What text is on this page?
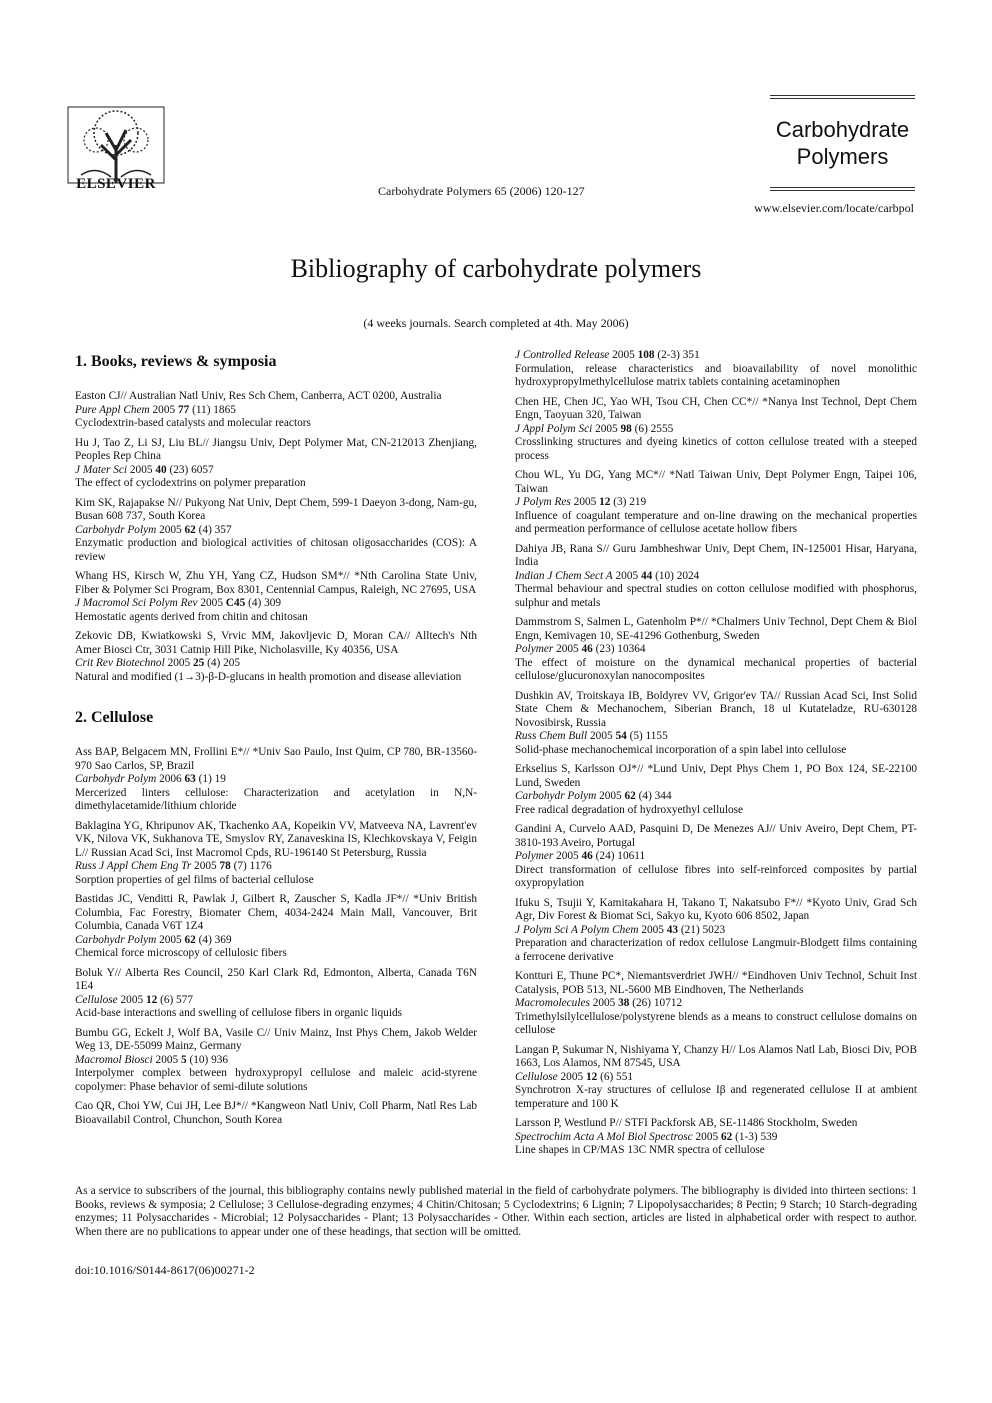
ELSEVIER	Carbohydrate Polymers 65 (2006) 120-127
Carbohydrate
Polymers
www.elsevier.com/locate/carbpol
Bibliography of carbohydrate polymers
(4 weeks journals. Search completed at 4th. May 2006)
1. Books, reviews & symposia
Easton CJ// Australian Natl Univ, Res Sch Chem, Canberra, ACT 0200, Australia
Pure Appl Chem 2005 77 (11) 1865
Cyclodextrin-based catalysts and molecular reactors
Hu J, Tao Z, Li SJ, Liu BL// Jiangsu Univ, Dept Polymer Mat, CN-212013 Zhenjiang, Peoples Rep China
J Mater Sci 2005 40 (23) 6057
The effect of cyclodextrins on polymer preparation
Kim SK, Rajapakse N// Pukyong Nat Univ, Dept Chem, 599-1 Daeyon 3-dong, Nam-gu, Busan 608 737, South Korea
Carbohydr Polym 2005 62 (4) 357
Enzymatic production and biological activities of chitosan oligosaccharides (COS): A review
Whang HS, Kirsch W, Zhu YH, Yang CZ, Hudson SM*// *Nth Carolina State Univ, Fiber & Polymer Sci Program, Box 8301, Centennial Campus, Raleigh, NC 27695, USA
J Macromol Sci Polym Rev 2005 C45 (4) 309
Hemostatic agents derived from chitin and chitosan
Zekovic DB, Kwiatkowski S, Vrvic MM, Jakovljevic D, Moran CA// Alltech's Nth Amer Biosci Ctr, 3031 Catnip Hill Pike, Nicholasville, Ky 40356, USA
Crit Rev Biotechnol 2005 25 (4) 205
Natural and modified (1→3)-β-D-glucans in health promotion and disease alleviation
2. Cellulose
Ass BAP, Belgacem MN, Frollini E*// *Univ Sao Paulo, Inst Quim, CP 780, BR-13560-970 Sao Carlos, SP, Brazil
Carbohydr Polym 2006 63 (1) 19
Mercerized linters cellulose: Characterization and acetylation in N,N-dimethylacetamide/lithium chloride
Baklagina YG, Khripunov AK, Tkachenko AA, Kopeikin VV, Matveeva NA, Lavrent'ev VK, Nilova VK, Sukhanova TE, Smyslov RY, Zanaveskina IS, Klechkovskaya V, Feigin L// Russian Acad Sci, Inst Macromol Cpds, RU-196140 St Petersburg, Russia
Russ J Appl Chem Eng Tr 2005 78 (7) 1176
Sorption properties of gel films of bacterial cellulose
Bastidas JC, Venditti R, Pawlak J, Gilbert R, Zauscher S, Kadla JF*// *Univ British Columbia, Fac Forestry, Biomater Chem, 4034-2424 Main Mall, Vancouver, Brit Columbia, Canada V6T 1Z4
Carbohydr Polym 2005 62 (4) 369
Chemical force microscopy of cellulosic fibers
Boluk Y// Alberta Res Council, 250 Karl Clark Rd, Edmonton, Alberta, Canada T6N 1E4
Cellulose 2005 12 (6) 577
Acid-base interactions and swelling of cellulose fibers in organic liquids
Bumbu GG, Eckelt J, Wolf BA, Vasile C// Univ Mainz, Inst Phys Chem, Jakob Welder Weg 13, DE-55099 Mainz, Germany
Macromol Biosci 2005 5 (10) 936
Interpolymer complex between hydroxypropyl cellulose and maleic acid-styrene copolymer: Phase behavior of semi-dilute solutions
Cao QR, Choi YW, Cui JH, Lee BJ*// *Kangweon Natl Univ, Coll Pharm, Natl Res Lab Bioavailabil Control, Chunchon, South Korea
J Controlled Release 2005 108 (2-3) 351
Formulation, release characteristics and bioavailability of novel monolithic hydroxypropylmethylcellulose matrix tablets containing acetaminophen
Chen HE, Chen JC, Yao WH, Tsou CH, Chen CC*// *Nanya Inst Technol, Dept Chem Engn, Taoyuan 320, Taiwan
J Appl Polym Sci 2005 98 (6) 2555
Crosslinking structures and dyeing kinetics of cotton cellulose treated with a steeped process
Chou WL, Yu DG, Yang MC*// *Natl Taiwan Univ, Dept Polymer Engn, Taipei 106, Taiwan
J Polym Res 2005 12 (3) 219
Influence of coagulant temperature and on-line drawing on the mechanical properties and permeation performance of cellulose acetate hollow fibers
Dahiya JB, Rana S// Guru Jambheshwar Univ, Dept Chem, IN-125001 Hisar, Haryana, India
Indian J Chem Sect A 2005 44 (10) 2024
Thermal behaviour and spectral studies on cotton cellulose modified with phosphorus, sulphur and metals
Dammstrom S, Salmen L, Gatenholm P*// *Chalmers Univ Technol, Dept Chem & Biol Engn, Kemivagen 10, SE-41296 Gothenburg, Sweden
Polymer 2005 46 (23) 10364
The effect of moisture on the dynamical mechanical properties of bacterial cellulose/glucuronoxylan nanocomposites
Dushkin AV, Troitskaya IB, Boldyrev VV, Grigor'ev TA// Russian Acad Sci, Inst Solid State Chem & Mechanochem, Siberian Branch, 18 ul Kutateladze, RU-630128 Novosibirsk, Russia
Russ Chem Bull 2005 54 (5) 1155
Solid-phase mechanochemical incorporation of a spin label into cellulose
Erkselius S, Karlsson OJ*// *Lund Univ, Dept Phys Chem 1, PO Box 124, SE-22100 Lund, Sweden
Carbohydr Polym 2005 62 (4) 344
Free radical degradation of hydroxyethyl cellulose
Gandini A, Curvelo AAD, Pasquini D, De Menezes AJ// Univ Aveiro, Dept Chem, PT-3810-193 Aveiro, Portugal
Polymer 2005 46 (24) 10611
Direct transformation of cellulose fibres into self-reinforced composites by partial oxypropylation
Ifuku S, Tsujii Y, Kamitakahara H, Takano T, Nakatsubo F*// *Kyoto Univ, Grad Sch Agr, Div Forest & Biomat Sci, Sakyo ku, Kyoto 606 8502, Japan
J Polym Sci A Polym Chem 2005 43 (21) 5023
Preparation and characterization of redox cellulose Langmuir-Blodgett films containing a ferrocene derivative
Kontturi E, Thune PC*, Niemantsverdriet JWH// *Eindhoven Univ Technol, Schuit Inst Catalysis, POB 513, NL-5600 MB Eindhoven, The Netherlands
Macromolecules 2005 38 (26) 10712
Trimethylsilylcellulose/polystyrene blends as a means to construct cellulose domains on cellulose
Langan P, Sukumar N, Nishiyama Y, Chanzy H// Los Alamos Natl Lab, Biosci Div, POB 1663, Los Alamos, NM 87545, USA
Cellulose 2005 12 (6) 551
Synchrotron X-ray structures of cellulose Iβ and regenerated cellulose II at ambient temperature and 100 K
Larsson P, Westlund P// STFI Packforsk AB, SE-11486 Stockholm, Sweden
Spectrochim Acta A Mol Biol Spectrosc 2005 62 (1-3) 539
Line shapes in CP/MAS 13C NMR spectra of cellulose
As a service to subscribers of the journal, this bibliography contains newly published material in the field of carbohydrate polymers. The bibliography is divided into thirteen sections: 1 Books, reviews & symposia; 2 Cellulose; 3 Cellulose-degrading enzymes; 4 Chitin/Chitosan; 5 Cyclodextrins; 6 Lignin; 7 Lipopolysaccharides; 8 Pectin; 9 Starch; 10 Starch-degrading enzymes; 11 Polysaccharides - Microbial; 12 Polysaccharides - Plant; 13 Polysaccharides - Other. Within each section, articles are listed in alphabetical order with respect to author. When there are no publications to appear under one of these headings, that section will be omitted.
doi:10.1016/S0144-8617(06)00271-2
